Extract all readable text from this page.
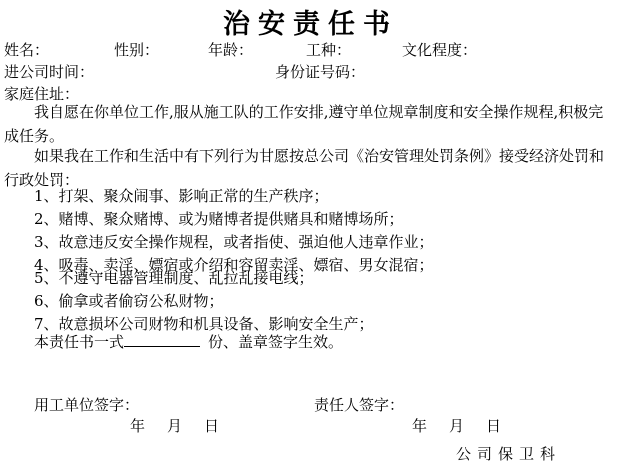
治安责任书
姓名：	性别：	年龄：	工种：	文化程度：
进公司时间：	身份证号码：
家庭住址：
我自愿在你单位工作,服从施工队的工作安排,遵守单位规章制度和安全操作规程,积极完成任务。
如果我在工作和生活中有下列行为甘愿按总公司《治安管理处罚条例》接受经济处罚和行政处罚：
1、打架、聚众闹事、影响正常的生产秩序；
2、赌博、聚众赌博、或为赌博者提供赌具和赌博场所；
3、故意违反安全操作规程，或者指使、强迫他人违章作业；
4、吸毒、卖淫、嫖宿或介绍和容留卖淫、嫖宿、男女混宿；
5、不遵守电器管理制度、乱拉乱接电线；
6、偷拿或者偷窃公私财物；
7、故意损坏公司财物和机具设备、影响安全生产；
本责任书一式	份、盖章签字生效。
用工单位签字：	责任人签字：
年 月 日	年 月 日
公司保卫科
